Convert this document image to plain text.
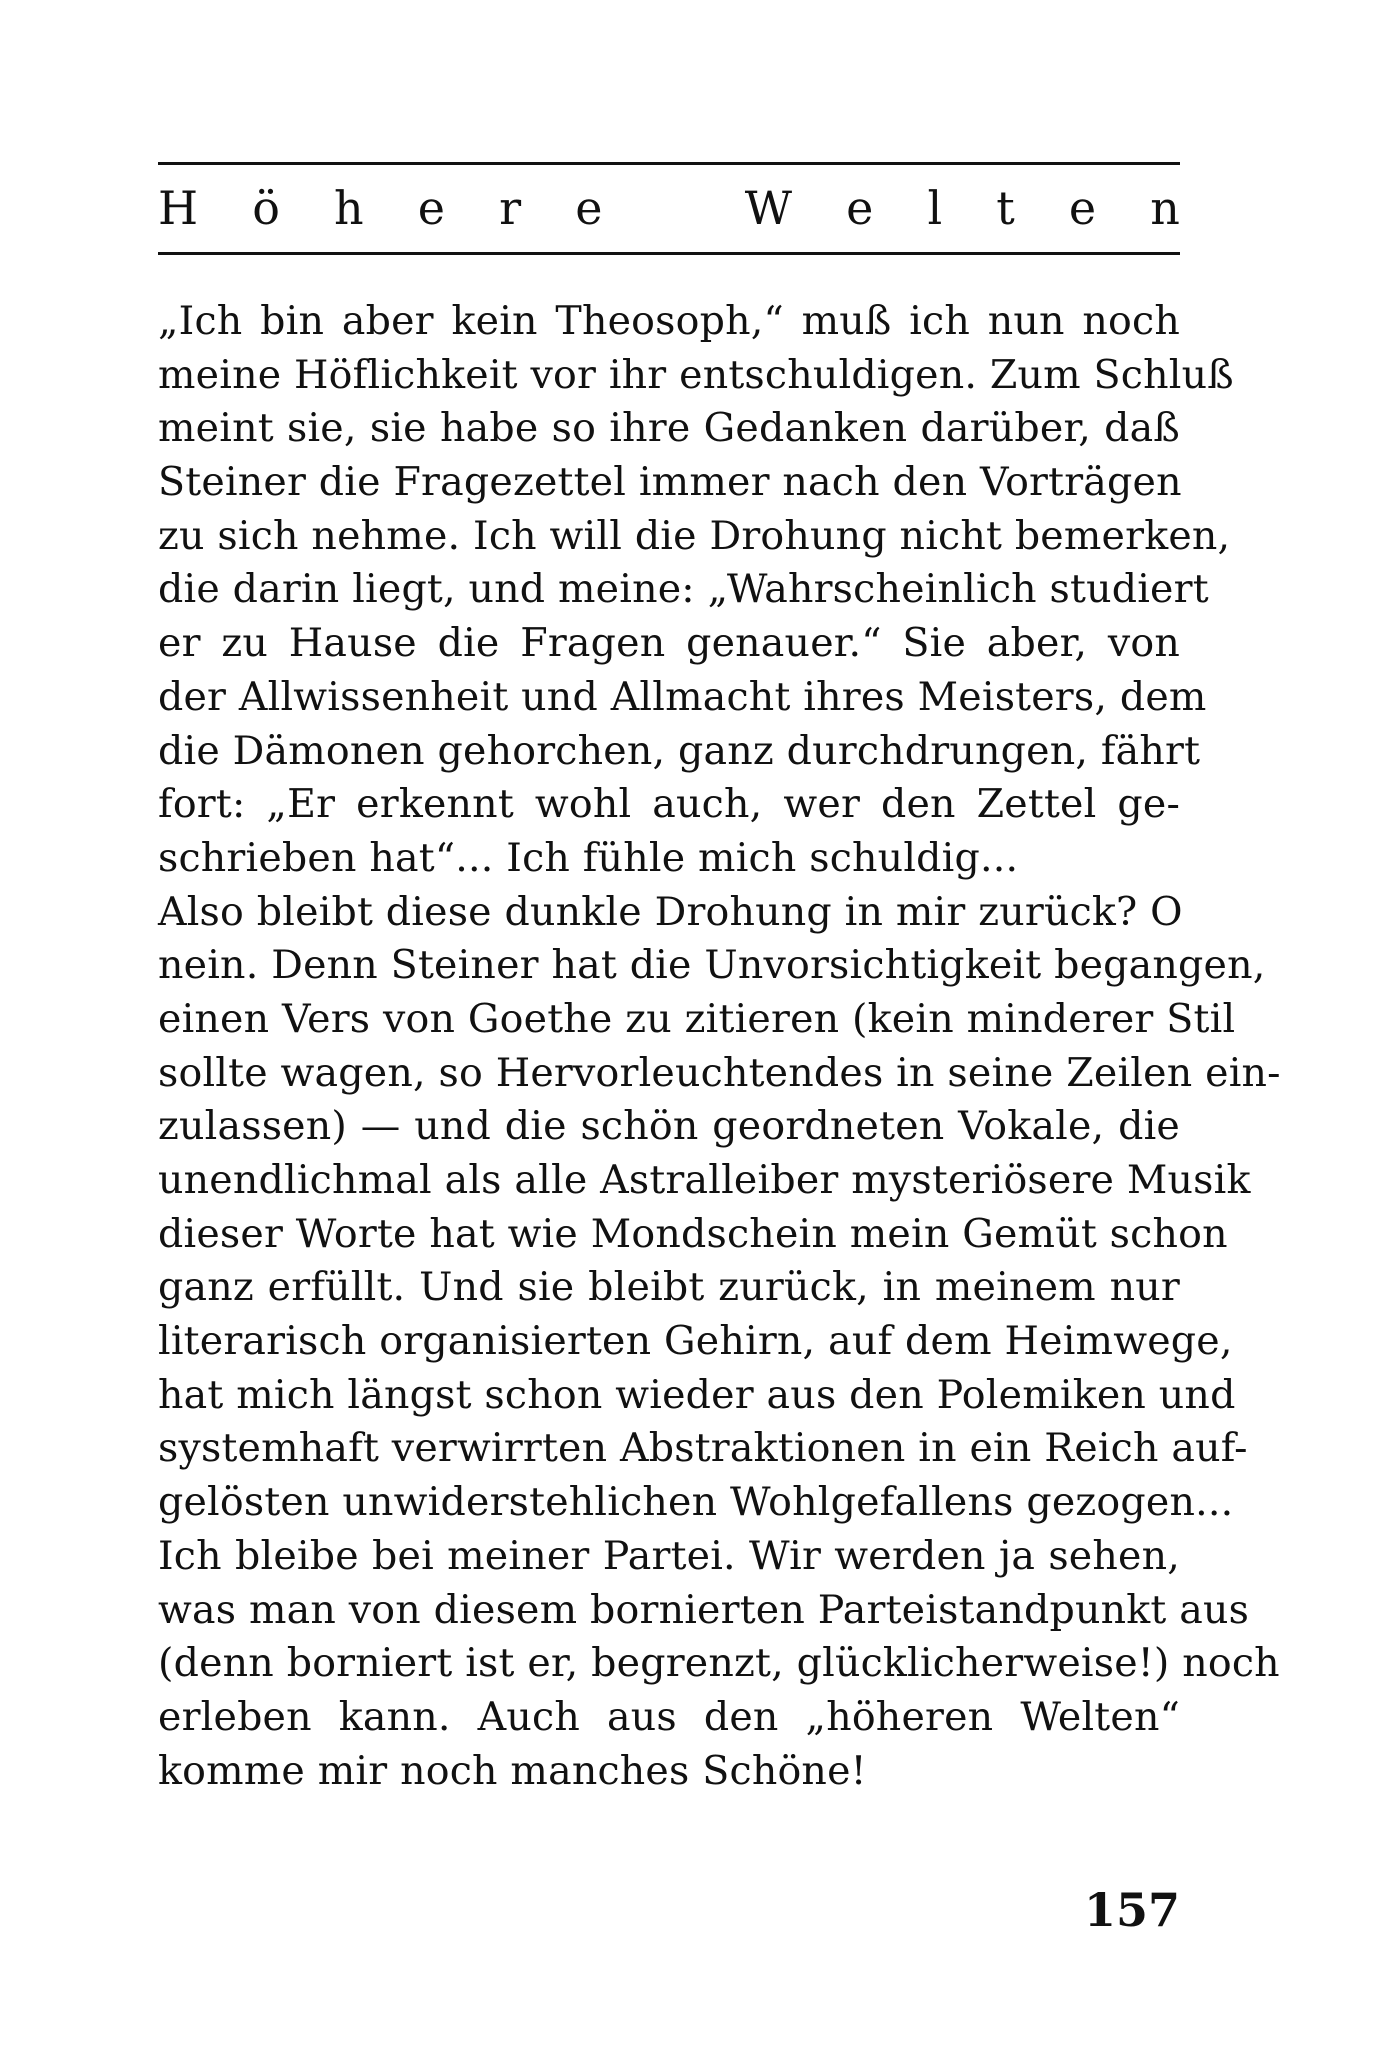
H ö h e r e	W e l t e n
„Ich bin aber kein Theosoph,“ muß ich nun noch
meine Höflichkeit vor ihr entschuldigen. Zum Schluß
meint sie, sie habe so ihre Gedanken darüber, daß
Steiner die Fragezettel immer nach den Vorträgen
zu sich nehme. Ich will die Drohung nicht bemerken,
die darin liegt, und meine: „Wahrscheinlich studiert
er zu Hause die Fragen genauer.“ Sie aber, von
der Allwissenheit und Allmacht ihres Meisters, dem
die Dämonen gehorchen, ganz durchdrungen, fährt
fort: „Er erkennt wohl auch, wer den Zettel ge-
schrieben hat“... Ich fühle mich schuldig...
Also bleibt diese dunkle Drohung in mir zurück? O
nein. Denn Steiner hat die Unvorsichtigkeit begangen,
einen Vers von Goethe zu zitieren (kein minderer Stil
sollte wagen, so Hervorleuchtendes in seine Zeilen ein-
zulassen) — und die schön geordneten Vokale, die
unendlichmal als alle Astralleiber mysteriösere Musik
dieser Worte hat wie Mondschein mein Gemüt schon
ganz erfüllt. Und sie bleibt zurück, in meinem nur
literarisch organisierten Gehirn, auf dem Heimwege,
hat mich längst schon wieder aus den Polemiken und
systemhaft verwirrten Abstraktionen in ein Reich auf-
gelösten unwiderstehlichen Wohlgefallens gezogen...
Ich bleibe bei meiner Partei. Wir werden ja sehen,
was man von diesem bornierten Parteistandpunkt aus
(denn borniert ist er, begrenzt, glücklicherweise!) noch
erleben kann. Auch aus den „höheren Welten“
komme mir noch manches Schöne!
157
